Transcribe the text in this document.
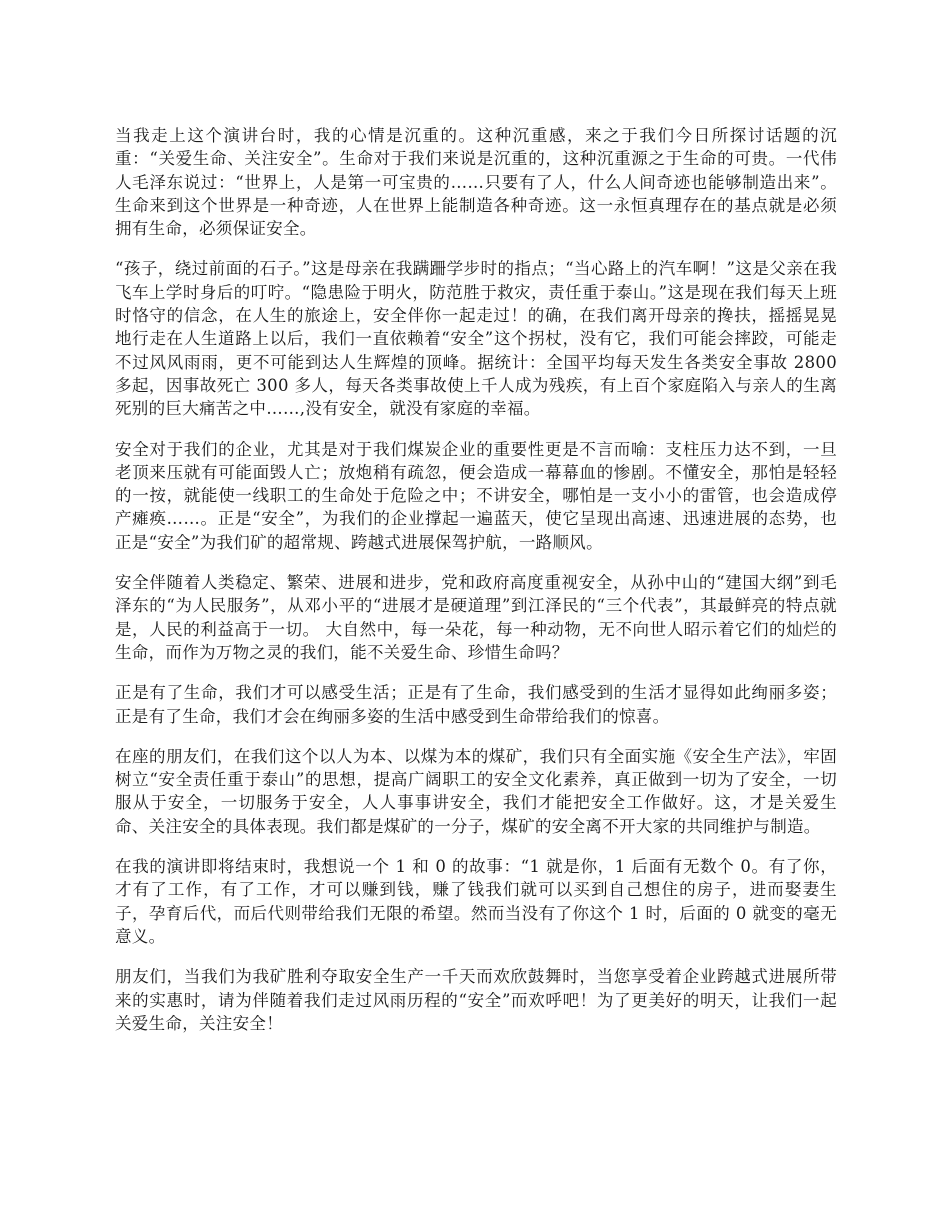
当我走上这个演讲台时，我的心情是沉重的。这种沉重感，来之于我们今日所探讨话题的沉重：“关爱生命、关注安全”。生命对于我们来说是沉重的，这种沉重源之于生命的可贵。一代伟人毛泽东说过：“世界上，人是第一可宝贵的……只要有了人，什么人间奇迹也能够制造出来”。生命来到这个世界是一种奇迹，人在世界上能制造各种奇迹。这一永恒真理存在的基点就是必须拥有生命，必须保证安全。

“孩子，绕过前面的石子。”这是母亲在我蹒跚学步时的指点；“当心路上的汽车啊！”这是父亲在我飞车上学时身后的叮咛。“隐患险于明火，防范胜于救灾，责任重于泰山。”这是现在我们每天上班时恪守的信念，在人生的旅途上，安全伴你一起走过！的确，在我们离开母亲的搀扶，摇摇晃晃地行走在人生道路上以后，我们一直依赖着“安全”这个拐杖，没有它，我们可能会摔跤，可能走不过风风雨雨，更不可能到达人生辉煌的顶峰。据统计：全国平均每天发生各类安全事故 2800 多起，因事故死亡 300 多人，每天各类事故使上千人成为残疾，有上百个家庭陷入与亲人的生离死别的巨大痛苦之中……,没有安全，就没有家庭的幸福。

安全对于我们的企业，尤其是对于我们煤炭企业的重要性更是不言而喻：支柱压力达不到，一旦老顶来压就有可能面毁人亡；放炮稍有疏忽，便会造成一幕幕血的惨剧。不懂安全，那怕是轻轻的一按，就能使一线职工的生命处于危险之中；不讲安全，哪怕是一支小小的雷管，也会造成停产瘫痪……。正是“安全”，为我们的企业撑起一遍蓝天，使它呈现出高速、迅速进展的态势，也正是“安全”为我们矿的超常规、跨越式进展保驾护航，一路顺风。

安全伴随着人类稳定、繁荣、进展和进步，党和政府高度重视安全，从孙中山的“建国大纲”到毛泽东的“为人民服务”，从邓小平的“进展才是硬道理”到江泽民的“三个代表”，其最鲜亮的特点就是，人民的利益高于一切。 大自然中，每一朵花，每一种动物，无不向世人昭示着它们的灿烂的生命，而作为万物之灵的我们，能不关爱生命、珍惜生命吗？

正是有了生命，我们才可以感受生活；正是有了生命，我们感受到的生活才显得如此绚丽多姿；正是有了生命，我们才会在绚丽多姿的生活中感受到生命带给我们的惊喜。

在座的朋友们，在我们这个以人为本、以煤为本的煤矿，我们只有全面实施《安全生产法》，牢固树立“安全责任重于泰山”的思想，提高广阔职工的安全文化素养，真正做到一切为了安全，一切服从于安全，一切服务于安全，人人事事讲安全，我们才能把安全工作做好。这，才是关爱生命、关注安全的具体表现。我们都是煤矿的一分子，煤矿的安全离不开大家的共同维护与制造。

在我的演讲即将结束时，我想说一个 1 和 0 的故事：“1 就是你，1 后面有无数个 0。有了你，才有了工作，有了工作，才可以赚到钱，赚了钱我们就可以买到自己想住的房子，进而娶妻生子，孕育后代，而后代则带给我们无限的希望。然而当没有了你这个 1 时，后面的 0 就变的毫无意义。

朋友们，当我们为我矿胜利夺取安全生产一千天而欢欣鼓舞时，当您享受着企业跨越式进展所带来的实惠时，请为伴随着我们走过风雨历程的“安全”而欢呼吧！为了更美好的明天，让我们一起关爱生命，关注安全！
